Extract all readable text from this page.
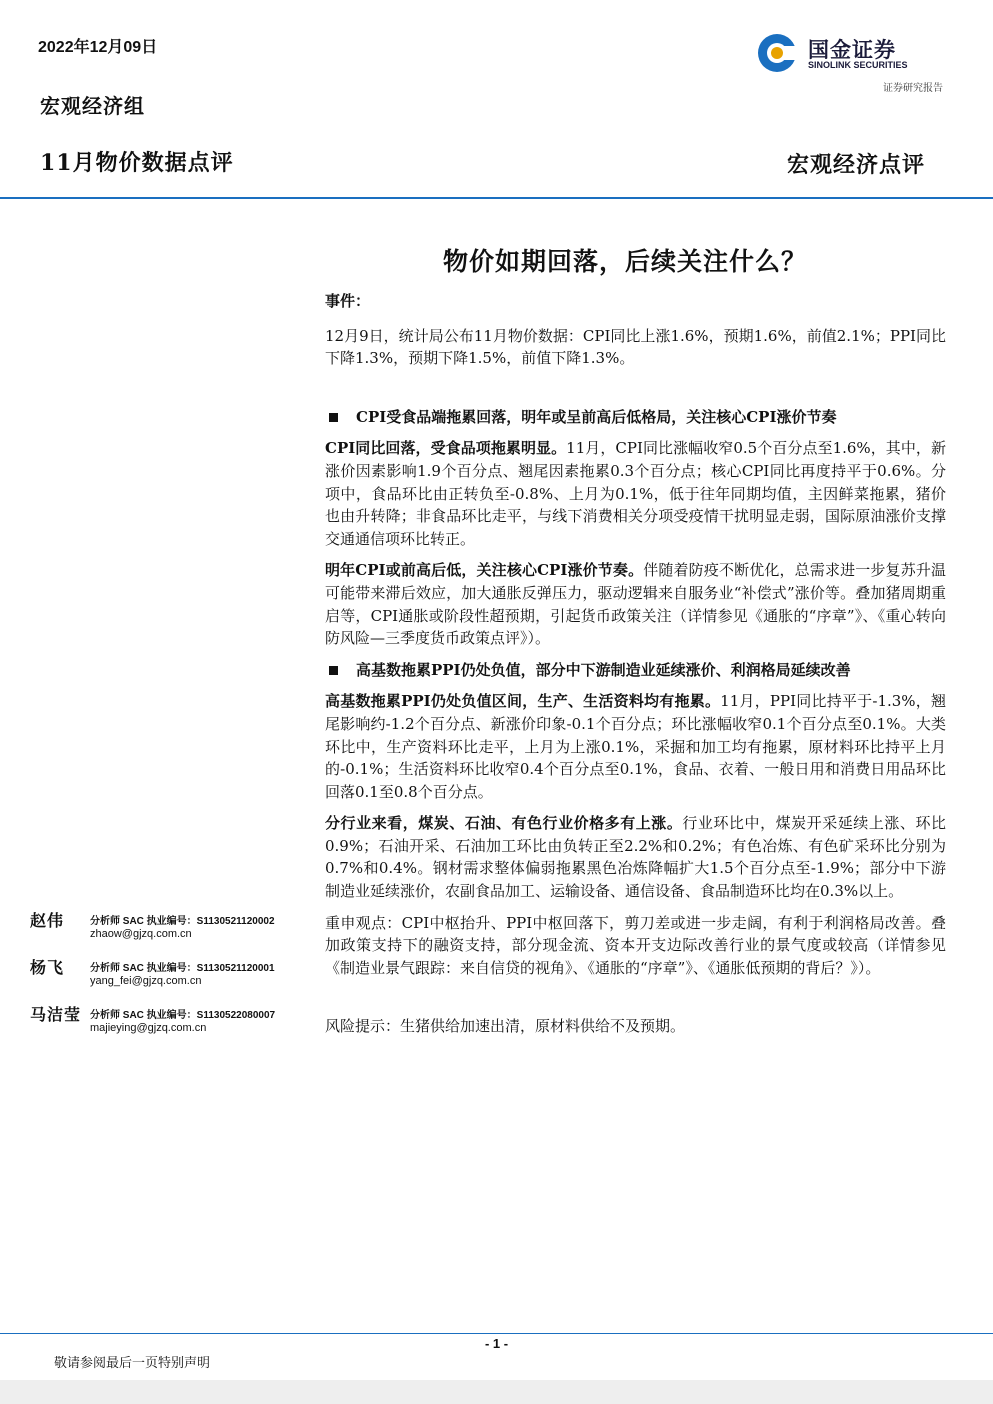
2022年12月09日
宏观经济组
11月物价数据点评	宏观经济点评
国金证券
SINOLINK SECURITIES
证券研究报告
物价如期回落，后续关注什么？

事件：

12月9日，统计局公布11月物价数据：CPI同比上涨1.6%，预期1.6%，前值2.1%；PPI同比下降1.3%，预期下降1.5%，前值下降1.3%。

CPI受食品端拖累回落，明年或呈前高后低格局，关注核心CPI涨价节奏

CPI同比回落，受食品项拖累明显。11月，CPI同比涨幅收窄0.5个百分点至1.6%，其中，新涨价因素影响1.9个百分点、翘尾因素拖累0.3个百分点；核心CPI同比再度持平于0.6%。分项中，食品环比由正转负至-0.8%、上月为0.1%，低于往年同期均值，主因鲜菜拖累，猪价也由升转降；非食品环比走平，与线下消费相关分项受疫情干扰明显走弱，国际原油涨价支撑交通通信项环比转正。

明年CPI或前高后低，关注核心CPI涨价节奏。伴随着防疫不断优化，总需求进一步复苏升温可能带来滞后效应，加大通胀反弹压力，驱动逻辑来自服务业“补偿式”涨价等。叠加猪周期重启等，CPI通胀或阶段性超预期，引起货币政策关注（详情参见《通胀的“序章”》、《重心转向防风险—三季度货币政策点评》）。

高基数拖累PPI仍处负值，部分中下游制造业延续涨价、利润格局延续改善

高基数拖累PPI仍处负值区间，生产、生活资料均有拖累。11月，PPI同比持平于-1.3%，翘尾影响约-1.2个百分点、新涨价印象-0.1个百分点；环比涨幅收窄0.1个百分点至0.1%。大类环比中，生产资料环比走平，上月为上涨0.1%，采掘和加工均有拖累，原材料环比持平上月的-0.1%；生活资料环比收窄0.4个百分点至0.1%，食品、衣着、一般日用和消费日用品环比回落0.1至0.8个百分点。

分行业来看，煤炭、石油、有色行业价格多有上涨。行业环比中，煤炭开采延续上涨、环比0.9%；石油开采、石油加工环比由负转正至2.2%和0.2%；有色冶炼、有色矿采环比分别为0.7%和0.4%。钢材需求整体偏弱拖累黑色冶炼降幅扩大1.5个百分点至-1.9%；部分中下游制造业延续涨价，农副食品加工、运输设备、通信设备、食品制造环比均在0.3%以上。

重申观点：CPI中枢抬升、PPI中枢回落下，剪刀差或进一步走阔，有利于利润格局改善。叠加政策支持下的融资支持，部分现金流、资本开支边际改善行业的景气度或较高（详情参见《制造业景气跟踪：来自信贷的视角》、《通胀的“序章”》、《通胀低预期的背后？》）。

风险提示：生猪供给加速出清，原材料供给不及预期。

赵伟	分析师 SAC 执业编号：S1130521120002
zhaow@gjzq.com.cn
杨飞	分析师 SAC 执业编号：S1130521120001
yang_fei@gjzq.com.cn
马洁莹 分析师 SAC 执业编号：S1130522080007
majieying@gjzq.com.cn
- 1 -
敬请参阅最后一页特别声明
